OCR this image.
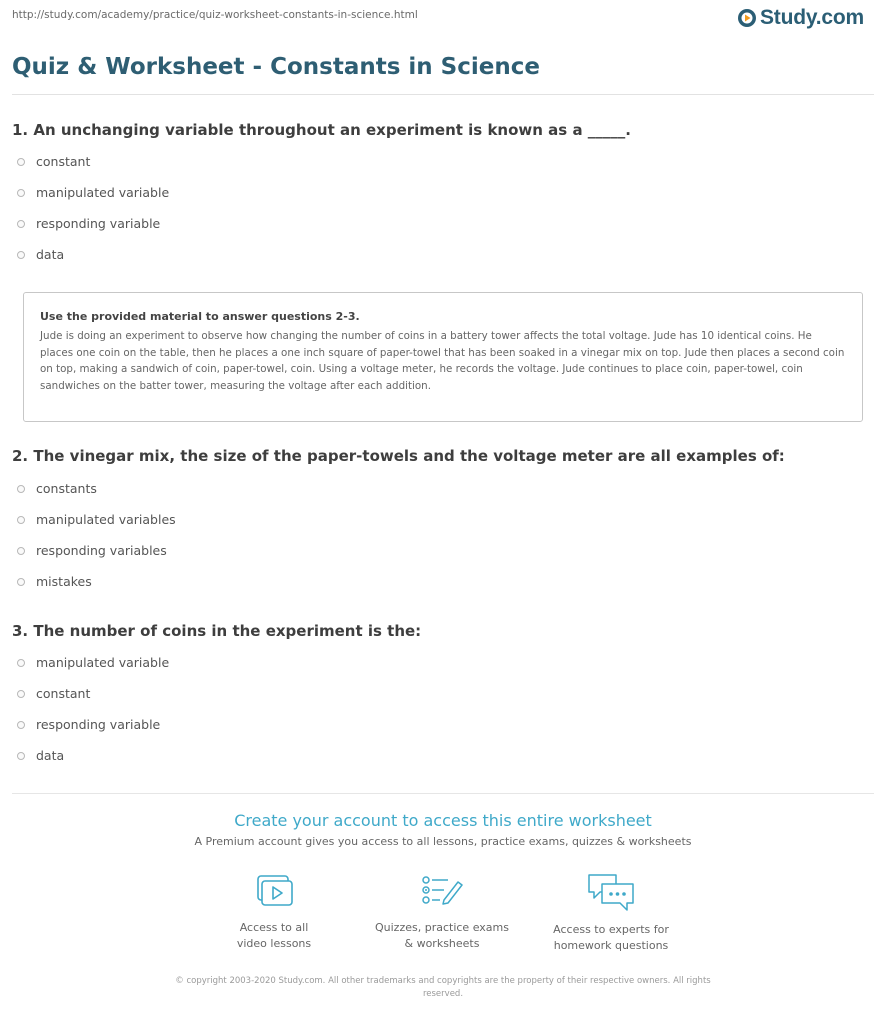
http://study.com/academy/practice/quiz-worksheet-constants-in-science.html	Study.com
Quiz & Worksheet - Constants in Science
1. An unchanging variable throughout an experiment is known as a _____.
constant
manipulated variable
responding variable
data

Use the provided material to answer questions 2-3.

Jude is doing an experiment to observe how changing the number of coins in a battery tower affects the total voltage. Jude has 10 identical coins. He places one coin on the table, then he places a one inch square of paper-towel that has been soaked in a vinegar mix on top. Jude then places a second coin on top, making a sandwich of coin, paper-towel, coin. Using a voltage meter, he records the voltage. Jude continues to place coin, paper-towel, coin sandwiches on the batter tower, measuring the voltage after each addition.

2. The vinegar mix, the size of the paper-towels and the voltage meter are all examples of:
constants
manipulated variables
responding variables
mistakes
3. The number of coins in the experiment is the:
manipulated variable
constant
responding variable
data
Create your account to access this entire worksheet
A Premium account gives you access to all lessons, practice exams, quizzes & worksheets
Access to all
video lessons
Quizzes, practice exams
& worksheets
Access to experts for
homework questions
© copyright 2003-2020 Study.com. All other trademarks and copyrights are the property of their respective owners. All rights reserved.
